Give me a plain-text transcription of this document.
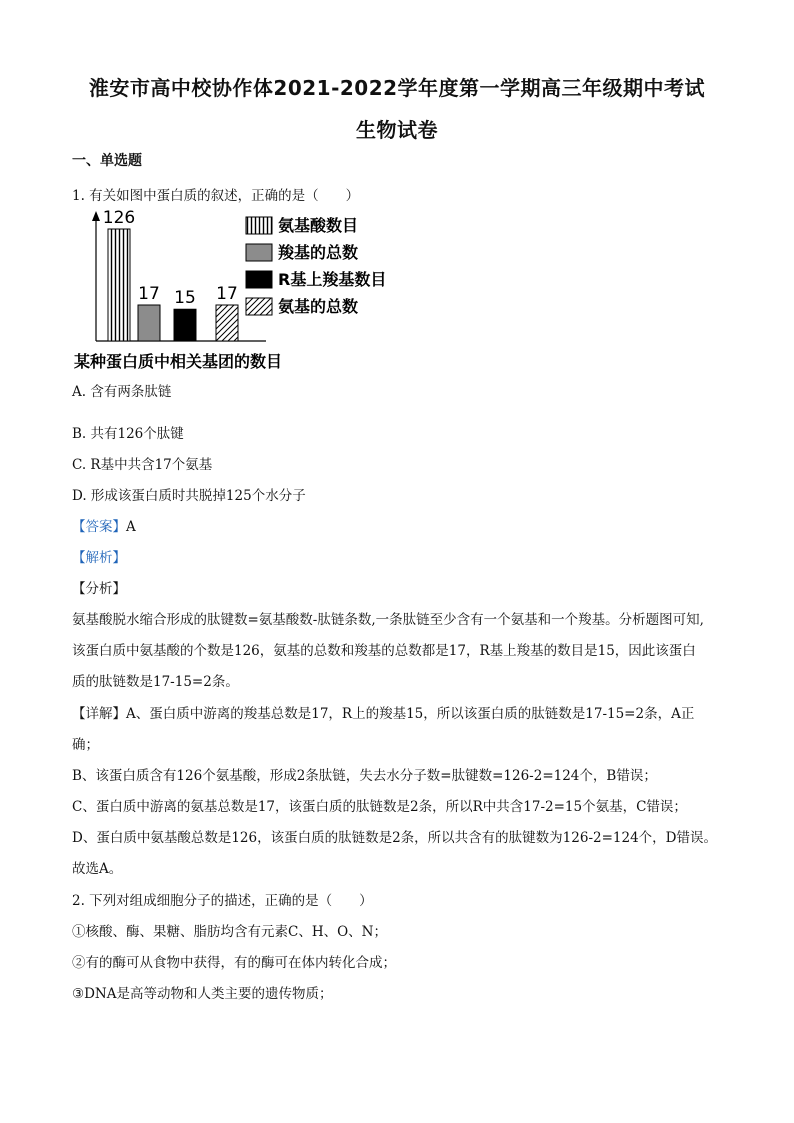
淮安市高中校协作体2021-2022学年度第一学期高三年级期中考试
生物试卷
一、单选题
1. 有关如图中蛋白质的叙述，正确的是（　　）
126
17 15 17
氨基酸数目
羧基的总数
R基上羧基数目
氨基的总数
某种蛋白质中相关基团的数目
A. 含有两条肽链
B. 共有126个肽键
C. R基中共含17个氨基
D. 形成该蛋白质时共脱掉125个水分子
【答案】A
【解析】
【分析】
氨基酸脱水缩合形成的肽键数=氨基酸数-肽链条数,一条肽链至少含有一个氨基和一个羧基。分析题图可知,
该蛋白质中氨基酸的个数是126，氨基的总数和羧基的总数都是17，R基上羧基的数目是15，因此该蛋白
质的肽链数是17-15=2条。
【详解】A、蛋白质中游离的羧基总数是17，R上的羧基15，所以该蛋白质的肽链数是17-15=2条，A正
确；
B、该蛋白质含有126个氨基酸，形成2条肽链，失去水分子数=肽键数=126-2=124个，B错误；
C、蛋白质中游离的氨基总数是17，该蛋白质的肽链数是2条，所以R中共含17-2=15个氨基，C错误；
D、蛋白质中氨基酸总数是126，该蛋白质的肽链数是2条，所以共含有的肽键数为126-2=124个，D错误。
故选A。
2. 下列对组成细胞分子的描述，正确的是（　　）
①核酸、酶、果糖、脂肪均含有元素C、H、O、N；
②有的酶可从食物中获得，有的酶可在体内转化合成；
③DNA是高等动物和人类主要的遗传物质；
